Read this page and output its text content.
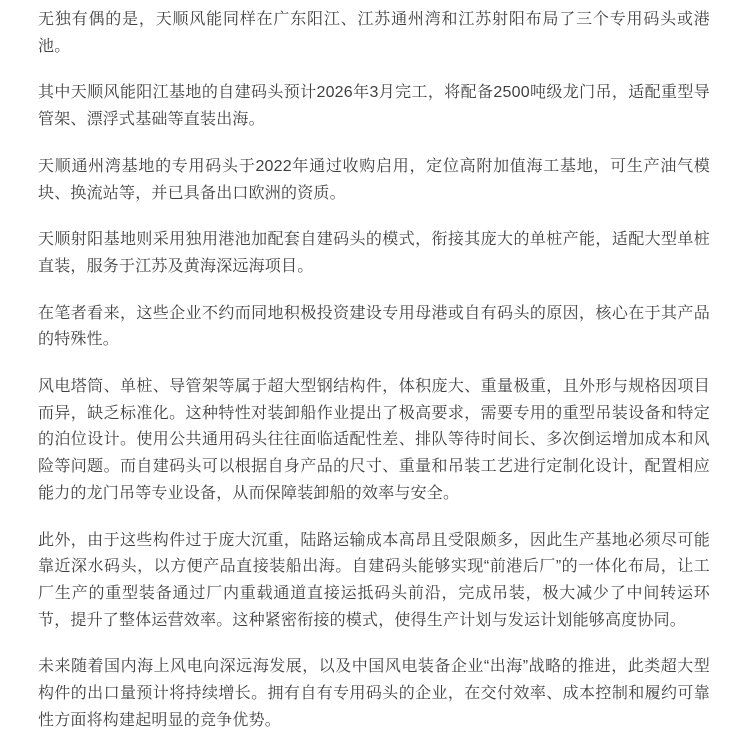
无独有偶的是，天顺风能同样在广东阳江、江苏通州湾和江苏射阳布局了三个专用码头或港池。

其中天顺风能阳江基地的自建码头预计2026年3月完工，将配备2500吨级龙门吊，适配重型导管架、漂浮式基础等直装出海。

天顺通州湾基地的专用码头于2022年通过收购启用，定位高附加值海工基地，可生产油气模块、换流站等，并已具备出口欧洲的资质。

天顺射阳基地则采用独用港池加配套自建码头的模式，衔接其庞大的单桩产能，适配大型单桩直装，服务于江苏及黄海深远海项目。

在笔者看来，这些企业不约而同地积极投资建设专用母港或自有码头的原因，核心在于其产品的特殊性。

风电塔筒、单桩、导管架等属于超大型钢结构件，体积庞大、重量极重，且外形与规格因项目而异，缺乏标准化。这种特性对装卸船作业提出了极高要求，需要专用的重型吊装设备和特定的泊位设计。使用公共通用码头往往面临适配性差、排队等待时间长、多次倒运增加成本和风险等问题。而自建码头可以根据自身产品的尺寸、重量和吊装工艺进行定制化设计，配置相应能力的龙门吊等专业设备，从而保障装卸船的效率与安全。

此外，由于这些构件过于庞大沉重，陆路运输成本高昂且受限颇多，因此生产基地必须尽可能靠近深水码头，以方便产品直接装船出海。自建码头能够实现“前港后厂”的一体化布局，让工厂生产的重型装备通过厂内重载通道直接运抵码头前沿，完成吊装，极大减少了中间转运环节，提升了整体运营效率。这种紧密衔接的模式，使得生产计划与发运计划能够高度协同。

未来随着国内海上风电向深远海发展，以及中国风电装备企业“出海”战略的推进，此类超大型构件的出口量预计将持续增长。拥有自有专用码头的企业，在交付效率、成本控制和履约可靠性方面将构建起明显的竞争优势。
